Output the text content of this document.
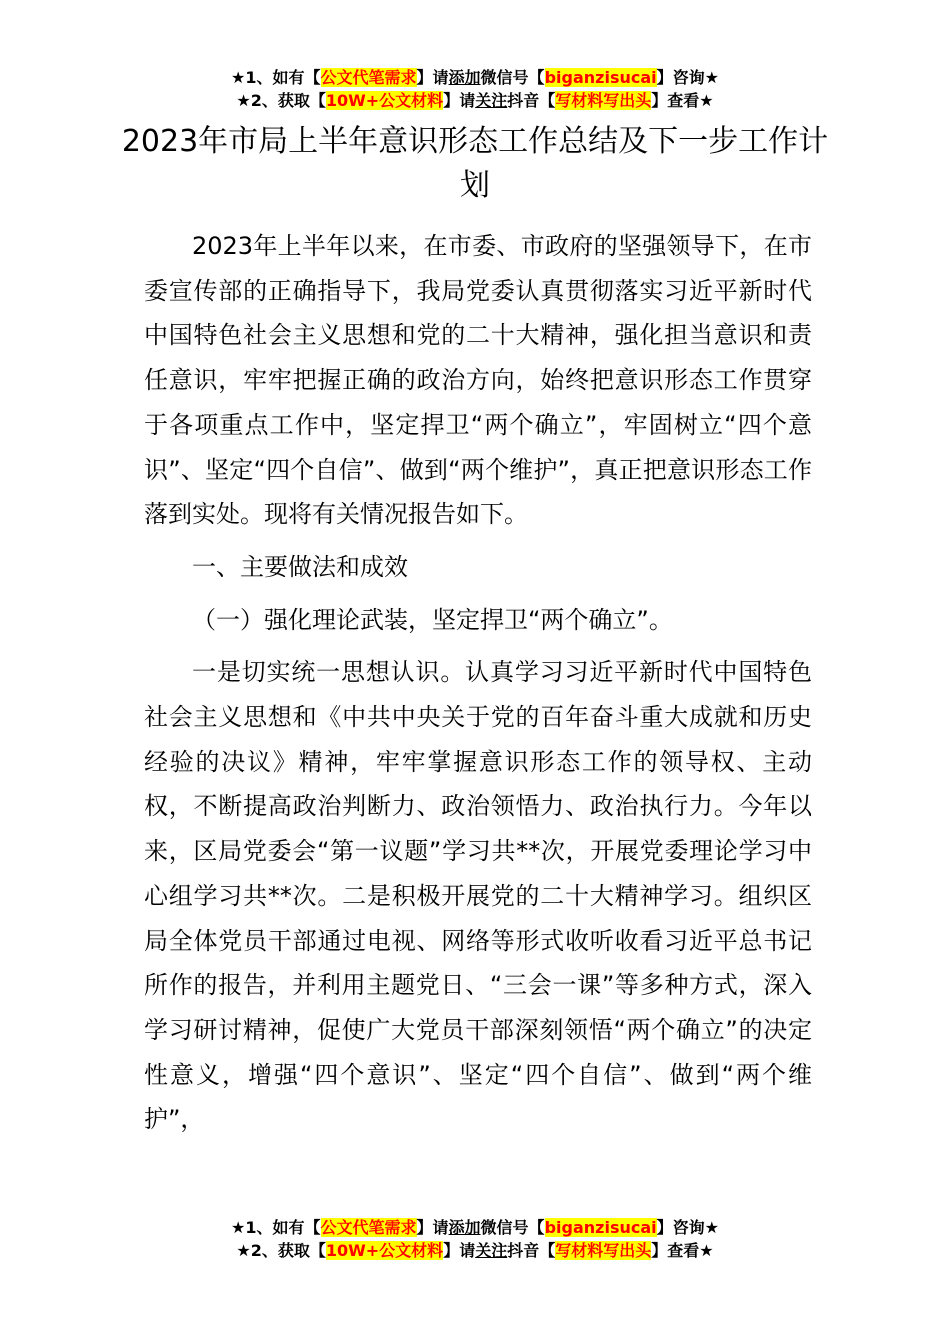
★1、如有【公文代笔需求】请添加微信号【biganzisucai】咨询★
★2、获取【10W+公文材料】请关注抖音【写材料写出头】查看★
2023年市局上半年意识形态工作总结及下一步工作计划

2023年上半年以来，在市委、市政府的坚强领导下，在市委宣传部的正确指导下，我局党委认真贯彻落实习近平新时代中国特色社会主义思想和党的二十大精神，强化担当意识和责任意识，牢牢把握正确的政治方向，始终把意识形态工作贯穿于各项重点工作中，坚定捍卫“两个确立”，牢固树立“四个意识”、坚定“四个自信”、做到“两个维护”，真正把意识形态工作落到实处。现将有关情况报告如下。

一、主要做法和成效

（一）强化理论武装，坚定捍卫“两个确立”。

一是切实统一思想认识。认真学习习近平新时代中国特色社会主义思想和《中共中央关于党的百年奋斗重大成就和历史经验的决议》精神，牢牢掌握意识形态工作的领导权、主动权，不断提高政治判断力、政治领悟力、政治执行力。今年以来，区局党委会“第一议题”学习共**次，开展党委理论学习中心组学习共**次。二是积极开展党的二十大精神学习。组织区局全体党员干部通过电视、网络等形式收听收看习近平总书记所作的报告，并利用主题党日、“三会一课”等多种方式，深入学习研讨精神，促使广大党员干部深刻领悟“两个确立”的决定性意义，增强“四个意识”、坚定“四个自信”、做到“两个维护”，

★1、如有【公文代笔需求】请添加微信号【biganzisucai】咨询★
★2、获取【10W+公文材料】请关注抖音【写材料写出头】查看★
